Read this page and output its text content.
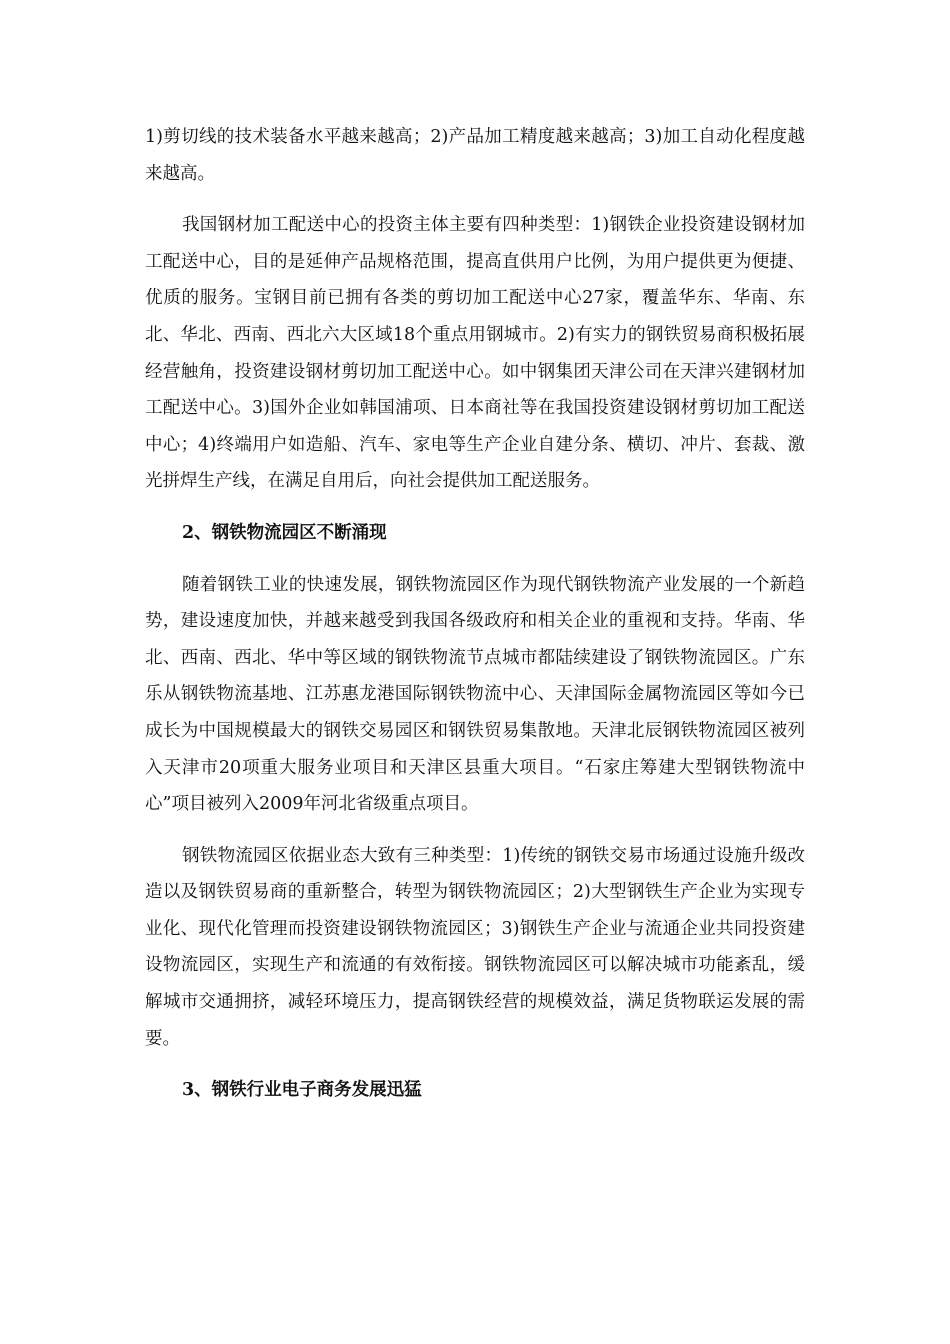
1)剪切线的技术装备水平越来越高；2)产品加工精度越来越高；3)加工自动化程度越来越高。

我国钢材加工配送中心的投资主体主要有四种类型：1)钢铁企业投资建设钢材加工配送中心，目的是延伸产品规格范围，提高直供用户比例，为用户提供更为便捷、优质的服务。宝钢目前已拥有各类的剪切加工配送中心27家，覆盖华东、华南、东北、华北、西南、西北六大区域18个重点用钢城市。2)有实力的钢铁贸易商积极拓展经营触角，投资建设钢材剪切加工配送中心。如中钢集团天津公司在天津兴建钢材加工配送中心。3)国外企业如韩国浦项、日本商社等在我国投资建设钢材剪切加工配送中心；4)终端用户如造船、汽车、家电等生产企业自建分条、横切、冲片、套裁、激光拼焊生产线，在满足自用后，向社会提供加工配送服务。

2、钢铁物流园区不断涌现

随着钢铁工业的快速发展，钢铁物流园区作为现代钢铁物流产业发展的一个新趋势，建设速度加快，并越来越受到我国各级政府和相关企业的重视和支持。华南、华北、西南、西北、华中等区域的钢铁物流节点城市都陆续建设了钢铁物流园区。广东乐从钢铁物流基地、江苏惠龙港国际钢铁物流中心、天津国际金属物流园区等如今已成长为中国规模最大的钢铁交易园区和钢铁贸易集散地。天津北辰钢铁物流园区被列入天津市20项重大服务业项目和天津区县重大项目。“石家庄筹建大型钢铁物流中心”项目被列入2009年河北省级重点项目。

钢铁物流园区依据业态大致有三种类型：1)传统的钢铁交易市场通过设施升级改造以及钢铁贸易商的重新整合，转型为钢铁物流园区；2)大型钢铁生产企业为实现专业化、现代化管理而投资建设钢铁物流园区；3)钢铁生产企业与流通企业共同投资建设物流园区，实现生产和流通的有效衔接。钢铁物流园区可以解决城市功能紊乱，缓解城市交通拥挤，减轻环境压力，提高钢铁经营的规模效益，满足货物联运发展的需要。

3、钢铁行业电子商务发展迅猛
